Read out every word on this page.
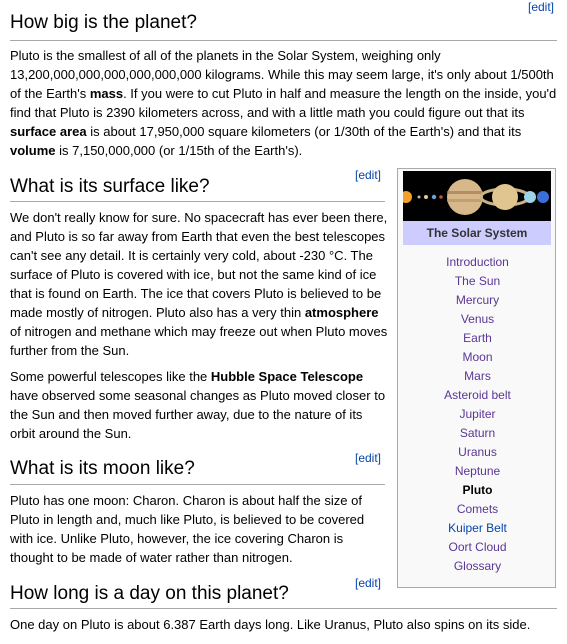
[edit]
How big is the planet?

Pluto is the smallest of all of the planets in the Solar System, weighing only 13,200,000,000,000,000,000,000 kilograms. While this may seem large, it's only about 1/500th of the Earth's mass. If you were to cut Pluto in half and measure the length on the inside, you'd find that Pluto is 2390 kilometers across, and with a little math you could figure out that its surface area is about 17,950,000 square kilometers (or 1/30th of the Earth's) and that its volume is 7,150,000,000 (or 1/15th of the Earth's).

[edit]
What is its surface like?

We don't really know for sure. No spacecraft has ever been there, and Pluto is so far away from Earth that even the best telescopes can't see any detail. It is certainly very cold, about -230 °C. The surface of Pluto is covered with ice, but not the same kind of ice that is found on Earth. The ice that covers Pluto is believed to be made mostly of nitrogen. Pluto also has a very thin atmosphere of nitrogen and methane which may freeze out when Pluto moves further from the Sun.

Some powerful telescopes like the Hubble Space Telescope have observed some seasonal changes as Pluto moved closer to the Sun and then moved further away, due to the nature of its orbit around the Sun.

[edit]
What is its moon like?

Pluto has one moon: Charon. Charon is about half the size of Pluto in length and, much like Pluto, is believed to be covered with ice. Unlike Pluto, however, the ice covering Charon is thought to be made of water rather than nitrogen.

[edit]
How long is a day on this planet?

One day on Pluto is about 6.387 Earth days long. Like Uranus, Pluto also spins on its side.

The Solar System
Introduction
The Sun
Mercury
Venus
Earth
Moon
Mars
Asteroid belt
Jupiter
Saturn
Uranus
Neptune
Pluto
Comets
Kuiper Belt
Oort Cloud
Glossary
